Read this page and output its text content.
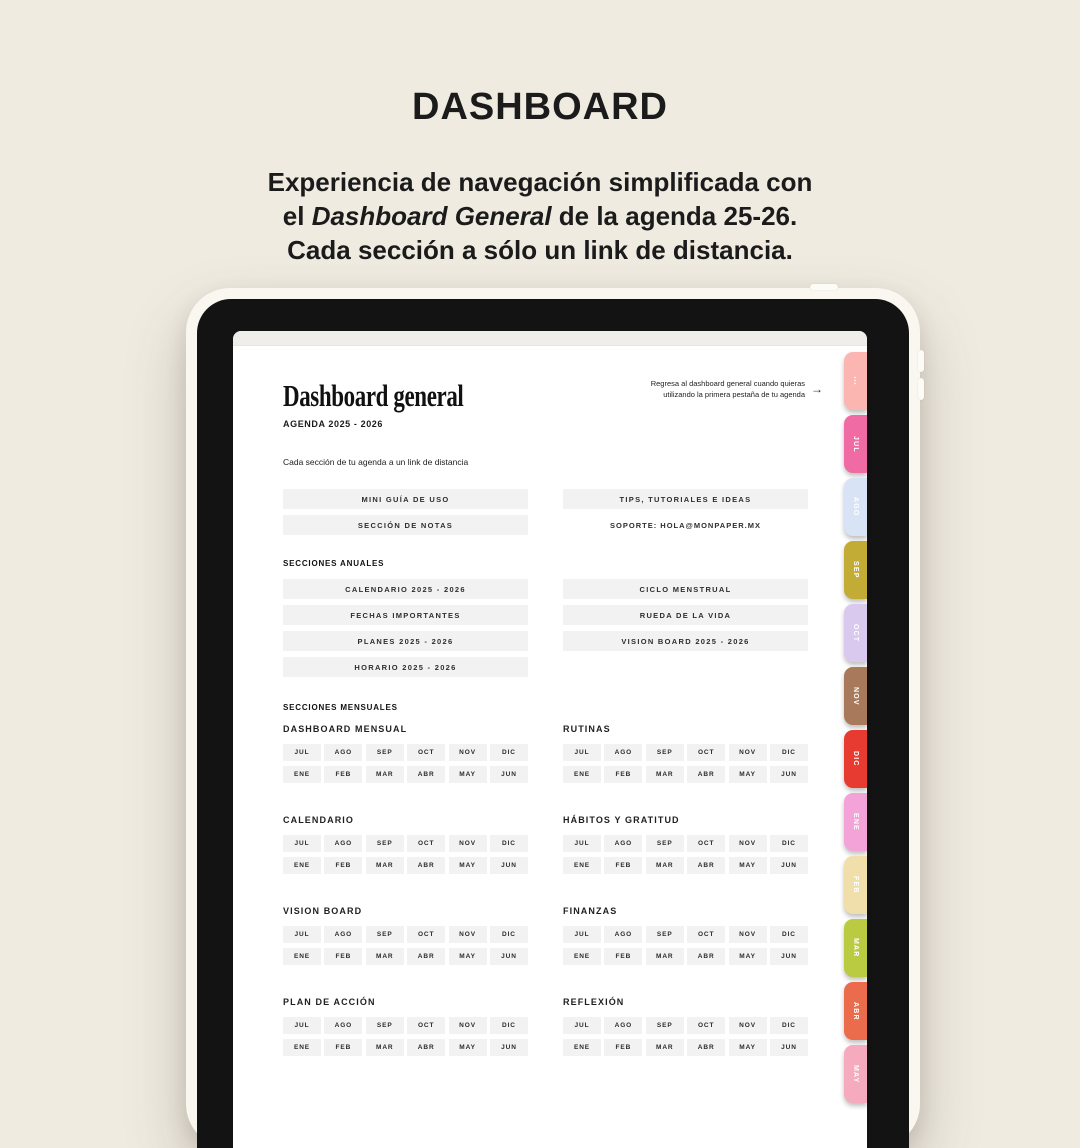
DASHBOARD
Experiencia de navegación simplificada con
el Dashboard General de la agenda 25-26.
Cada sección a sólo un link de distancia.
Dashboard general
AGENDA 2025 - 2026
Regresa al dashboard general cuando quieras
utilizando la primera pestaña de tu agenda →
Cada sección de tu agenda a un link de distancia
MINI GUÍA DE USO
SECCIÓN DE NOTAS
TIPS, TUTORIALES E IDEAS
SOPORTE: HOLA@MONPAPER.MX
SECCIONES ANUALES
CALENDARIO 2025 - 2026
FECHAS IMPORTANTES
PLANES 2025 - 2026
HORARIO 2025 - 2026
CICLO MENSTRUAL
RUEDA DE LA VIDA
VISION BOARD 2025 - 2026
SECCIONES MENSUALES
DASHBOARD MENSUAL
JUL	AGO	SEP	OCT	NOV	DIC
ENE	FEB	MAR	ABR	MAY	JUN
RUTINAS
JUL	AGO	SEP	OCT	NOV	DIC
ENE	FEB	MAR	ABR	MAY	JUN
CALENDARIO
JUL	AGO	SEP	OCT	NOV	DIC
ENE	FEB	MAR	ABR	MAY	JUN
HÁBITOS Y GRATITUD
JUL	AGO	SEP	OCT	NOV	DIC
ENE	FEB	MAR	ABR	MAY	JUN
VISION BOARD
JUL	AGO	SEP	OCT	NOV	DIC
ENE	FEB	MAR	ABR	MAY	JUN
FINANZAS
JUL	AGO	SEP	OCT	NOV	DIC
ENE	FEB	MAR	ABR	MAY	JUN
PLAN DE ACCIÓN
JUL	AGO	SEP	OCT	NOV	DIC
ENE	FEB	MAR	ABR	MAY	JUN
REFLEXIÓN
JUL	AGO	SEP	OCT	NOV	DIC
ENE	FEB	MAR	ABR	MAY	JUN
⋯
JUL
AGO
SEP
OCT
NOV
DIC
ENE
FEB
MAR
ABR
MAY
